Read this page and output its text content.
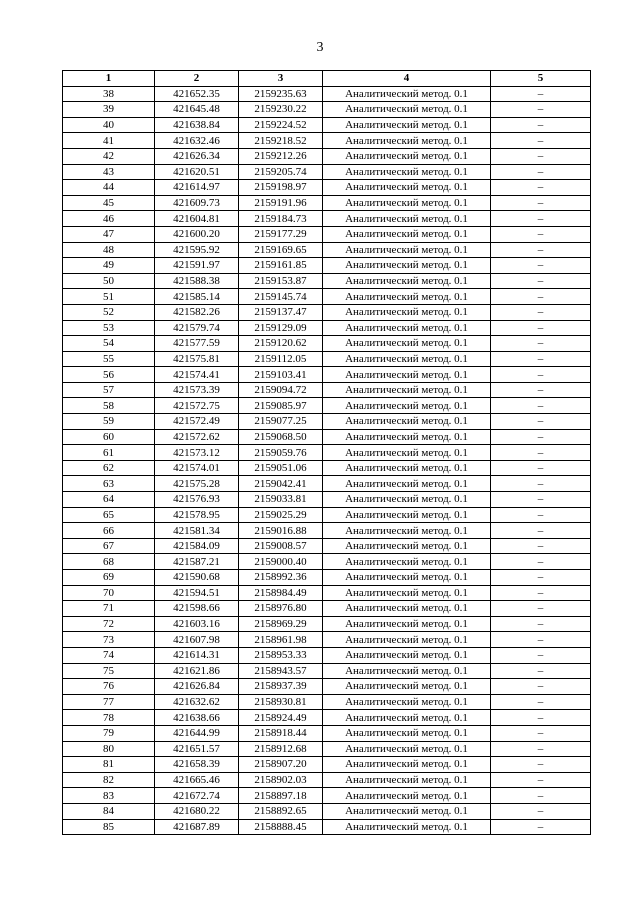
3
1	2	3	4	5
38	421652.35	2159235.63	Аналитический метод. 0.1	–
39	421645.48	2159230.22	Аналитический метод. 0.1	–
40	421638.84	2159224.52	Аналитический метод. 0.1	–
41	421632.46	2159218.52	Аналитический метод. 0.1	–
42	421626.34	2159212.26	Аналитический метод. 0.1	–
43	421620.51	2159205.74	Аналитический метод. 0.1	–
44	421614.97	2159198.97	Аналитический метод. 0.1	–
45	421609.73	2159191.96	Аналитический метод. 0.1	–
46	421604.81	2159184.73	Аналитический метод. 0.1	–
47	421600.20	2159177.29	Аналитический метод. 0.1	–
48	421595.92	2159169.65	Аналитический метод. 0.1	–
49	421591.97	2159161.85	Аналитический метод. 0.1	–
50	421588.38	2159153.87	Аналитический метод. 0.1	–
51	421585.14	2159145.74	Аналитический метод. 0.1	–
52	421582.26	2159137.47	Аналитический метод. 0.1	–
53	421579.74	2159129.09	Аналитический метод. 0.1	–
54	421577.59	2159120.62	Аналитический метод. 0.1	–
55	421575.81	2159112.05	Аналитический метод. 0.1	–
56	421574.41	2159103.41	Аналитический метод. 0.1	–
57	421573.39	2159094.72	Аналитический метод. 0.1	–
58	421572.75	2159085.97	Аналитический метод. 0.1	–
59	421572.49	2159077.25	Аналитический метод. 0.1	–
60	421572.62	2159068.50	Аналитический метод. 0.1	–
61	421573.12	2159059.76	Аналитический метод. 0.1	–
62	421574.01	2159051.06	Аналитический метод. 0.1	–
63	421575.28	2159042.41	Аналитический метод. 0.1	–
64	421576.93	2159033.81	Аналитический метод. 0.1	–
65	421578.95	2159025.29	Аналитический метод. 0.1	–
66	421581.34	2159016.88	Аналитический метод. 0.1	–
67	421584.09	2159008.57	Аналитический метод. 0.1	–
68	421587.21	2159000.40	Аналитический метод. 0.1	–
69	421590.68	2158992.36	Аналитический метод. 0.1	–
70	421594.51	2158984.49	Аналитический метод. 0.1	–
71	421598.66	2158976.80	Аналитический метод. 0.1	–
72	421603.16	2158969.29	Аналитический метод. 0.1	–
73	421607.98	2158961.98	Аналитический метод. 0.1	–
74	421614.31	2158953.33	Аналитический метод. 0.1	–
75	421621.86	2158943.57	Аналитический метод. 0.1	–
76	421626.84	2158937.39	Аналитический метод. 0.1	–
77	421632.62	2158930.81	Аналитический метод. 0.1	–
78	421638.66	2158924.49	Аналитический метод. 0.1	–
79	421644.99	2158918.44	Аналитический метод. 0.1	–
80	421651.57	2158912.68	Аналитический метод. 0.1	–
81	421658.39	2158907.20	Аналитический метод. 0.1	–
82	421665.46	2158902.03	Аналитический метод. 0.1	–
83	421672.74	2158897.18	Аналитический метод. 0.1	–
84	421680.22	2158892.65	Аналитический метод. 0.1	–
85	421687.89	2158888.45	Аналитический метод. 0.1	–
